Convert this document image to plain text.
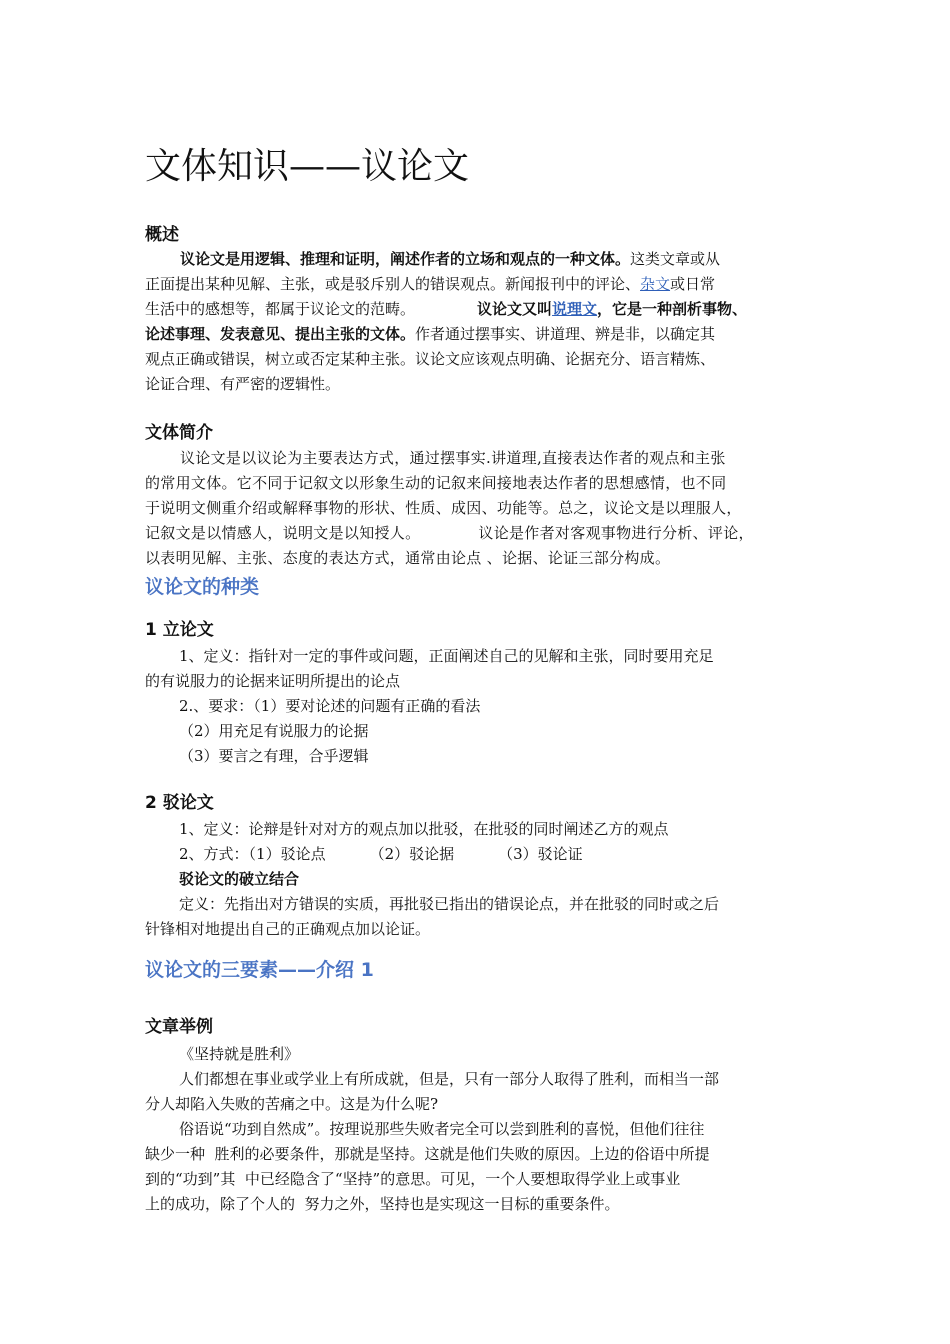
文体知识——议论文
概述
议论文是用逻辑、推理和证明，阐述作者的立场和观点的一种文体。这类文章或从
正面提出某种见解、主张，或是驳斥别人的错误观点。新闻报刊中的评论、杂文或日常
生活中的感想等，都属于议论文的范畴。	议论文又叫说理文，它是一种剖析事物、
论述事理、发表意见、提出主张的文体。作者通过摆事实、讲道理、辨是非，以确定其
观点正确或错误，树立或否定某种主张。议论文应该观点明确、论据充分、语言精炼、
论证合理、有严密的逻辑性。
文体简介
议论文是以议论为主要表达方式，通过摆事实.讲道理,直接表达作者的观点和主张
的常用文体。它不同于记叙文以形象生动的记叙来间接地表达作者的思想感情，也不同
于说明文侧重介绍或解释事物的形状、性质、成因、功能等。总之，议论文是以理服人，
记叙文是以情感人，说明文是以知授人。	议论是作者对客观事物进行分析、评论，
以表明见解、主张、态度的表达方式，通常由论点 、论据、论证三部分构成。
议论文的种类
1 立论文
1、定义：指针对一定的事件或问题，正面阐述自己的见解和主张，同时要用充足
的有说服力的论据来证明所提出的论点
2.、要求：（1）要对论述的问题有正确的看法
（2）用充足有说服力的论据
（3）要言之有理，合乎逻辑
2 驳论文
1、定义：论辩是针对对方的观点加以批驳，在批驳的同时阐述乙方的观点
2、方式：（1）驳论点	（2）驳论据	（3）驳论证
驳论文的破立结合
定义：先指出对方错误的实质，再批驳已指出的错误论点，并在批驳的同时或之后
针锋相对地提出自己的正确观点加以论证。
议论文的三要素——介绍 1
文章举例
《坚持就是胜利》
人们都想在事业或学业上有所成就，但是，只有一部分人取得了胜利，而相当一部
分人却陷入失败的苦痛之中。这是为什么呢?
俗语说“功到自然成”。按理说那些失败者完全可以尝到胜利的喜悦，但他们往往
缺少一种  胜利的必要条件，那就是坚持。这就是他们失败的原因。上边的俗语中所提
到的“功到”其  中已经隐含了“坚持”的意思。可见，一个人要想取得学业上或事业
上的成功，除了个人的  努力之外，坚持也是实现这一目标的重要条件。
